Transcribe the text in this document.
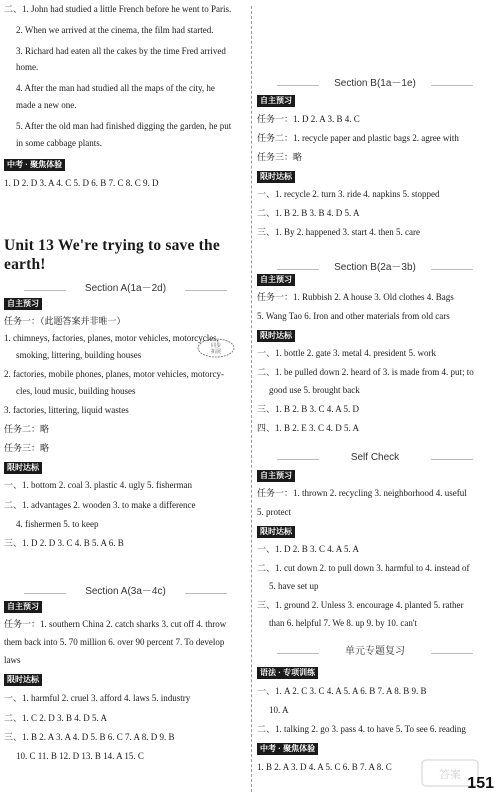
Unit 13 We're trying to save the earth!
二、1. John had studied a little French before he went to Paris.
2. When we arrived at the cinema, the film had started.
3. Richard had eaten all the cakes by the time Fred arrived
home.
4. After the man had studied all the maps of the city, he
made a new one.
5. After the old man had finished digging the garden, he put
in some cabbage plants.
中考 · 聚焦体验
1. D 2. D 3. A 4. C 5. D 6. B 7. C 8. C 9. D
自主预习
任务一：（此题答案并非唯一）
1. chimneys, factories, planes, motor vehicles, motorcycles,
smoking, littering, building houses
2. factories, mobile phones, planes, motor vehicles, motorcy-
cles, loud music, building houses
3. factories, littering, liquid wastes
任务二：略
任务三：略
限时达标
一、1. bottom 2. coal 3. plastic 4. ugly 5. fisherman
二、1. advantages 2. wooden 3. to make a difference
4. fishermen 5. to keep
三、1. D 2. D 3. C 4. B 5. A 6. B
自主预习
任务一：1. southern China 2. catch sharks 3. cut off 4. throw
them back into 5. 70 million 6. over 90 percent 7. To develop
laws
限时达标
一、1. harmful 2. cruel 3. afford 4. laws 5. industry
二、1. C 2. D 3. B 4. D 5. A
三、1. B 2. A 3. A 4. D 5. B 6. C 7. A 8. D 9. B
10. C 11. B 12. D 13. B 14. A 15. C
Section A(1a－2d)
Section A(3a－4c)
自主预习
任务一：1. D 2. A 3. B 4. C
任务二：1. recycle paper and plastic bags 2. agree with
任务三：略
限时达标
一、1. recycle 2. turn 3. ride 4. napkins 5. stopped
二、1. B 2. B 3. B 4. D 5. A
三、1. By 2. happened 3. start 4. then 5. care
自主预习
任务一：1. Rubbish 2. A house 3. Old clothes 4. Bags
5. Wang Tao 6. Iron and other materials from old cars
限时达标
一、1. bottle 2. gate 3. metal 4. president 5. work
二、1. be pulled down 2. heard of 3. is made from 4. put; to
good use 5. brought back
三、1. B 2. B 3. C 4. A 5. D
四、1. B 2. E 3. C 4. D 5. A
自主预习
任务一：1. thrown 2. recycling 3. neighborhood 4. useful
5. protect
限时达标
一、1. D 2. B 3. C 4. A 5. A
二、1. cut down 2. to pull down 3. harmful to 4. instead of
5. have set up
三、1. ground 2. Unless 3. encourage 4. planted 5. rather
than 6. helpful 7. We 8. up 9. by 10. can't
语法 · 专项训练
一、1. A 2. C 3. C 4. A 5. A 6. B 7. A 8. B 9. B
10. A
二、1. talking 2. go 3. pass 4. to have 5. To see 6. reading
中考 · 聚焦体验
1. B 2. A 3. D 4. A 5. C 6. B 7. A 8. C
Section B(1a－1e)
Section B(2a－3b)
Self Check
单元专题复习
同步
拓展
答案
151
